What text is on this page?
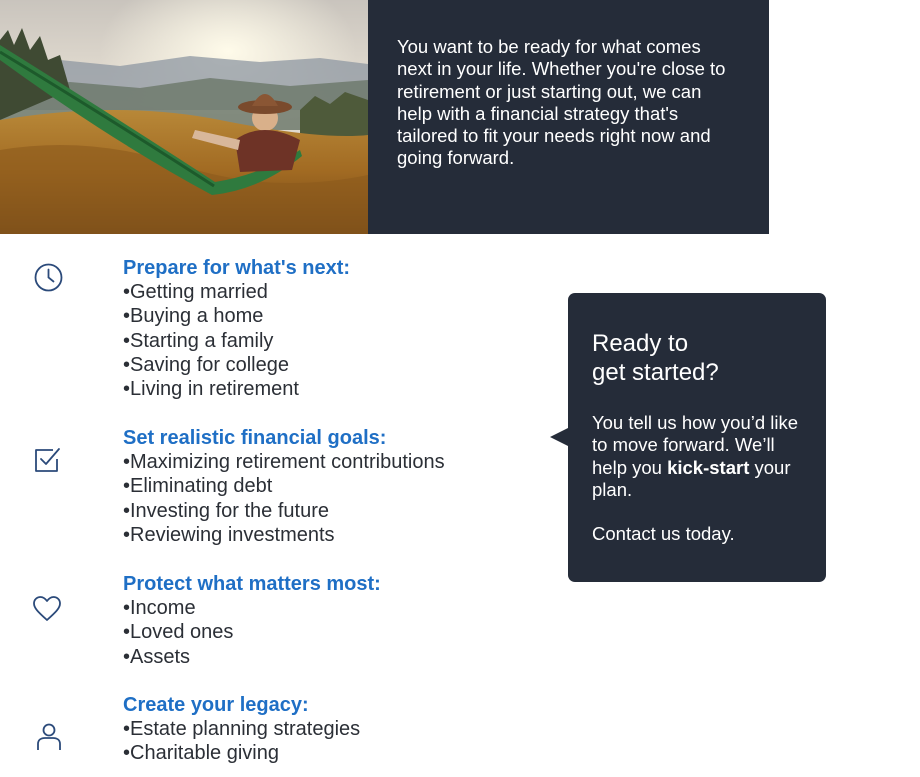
You want to be ready for what comes next in your life. Whether you're close to retirement or just starting out, we can help with a financial strategy that's tailored to fit your needs right now and going forward.

Prepare for what's next:
•Getting married
•Buying a home
•Starting a family
•Saving for college
•Living in retirement
Set realistic financial goals:
•Maximizing retirement contributions
•Eliminating debt
•Investing for the future
•Reviewing investments
Protect what matters most:
•Income
•Loved ones
•Assets
Create your legacy:
•Estate planning strategies
•Charitable giving
Ready to
get started?

You tell us how you’d like to move forward. We’ll help you kick-start your plan.

Contact us today.
